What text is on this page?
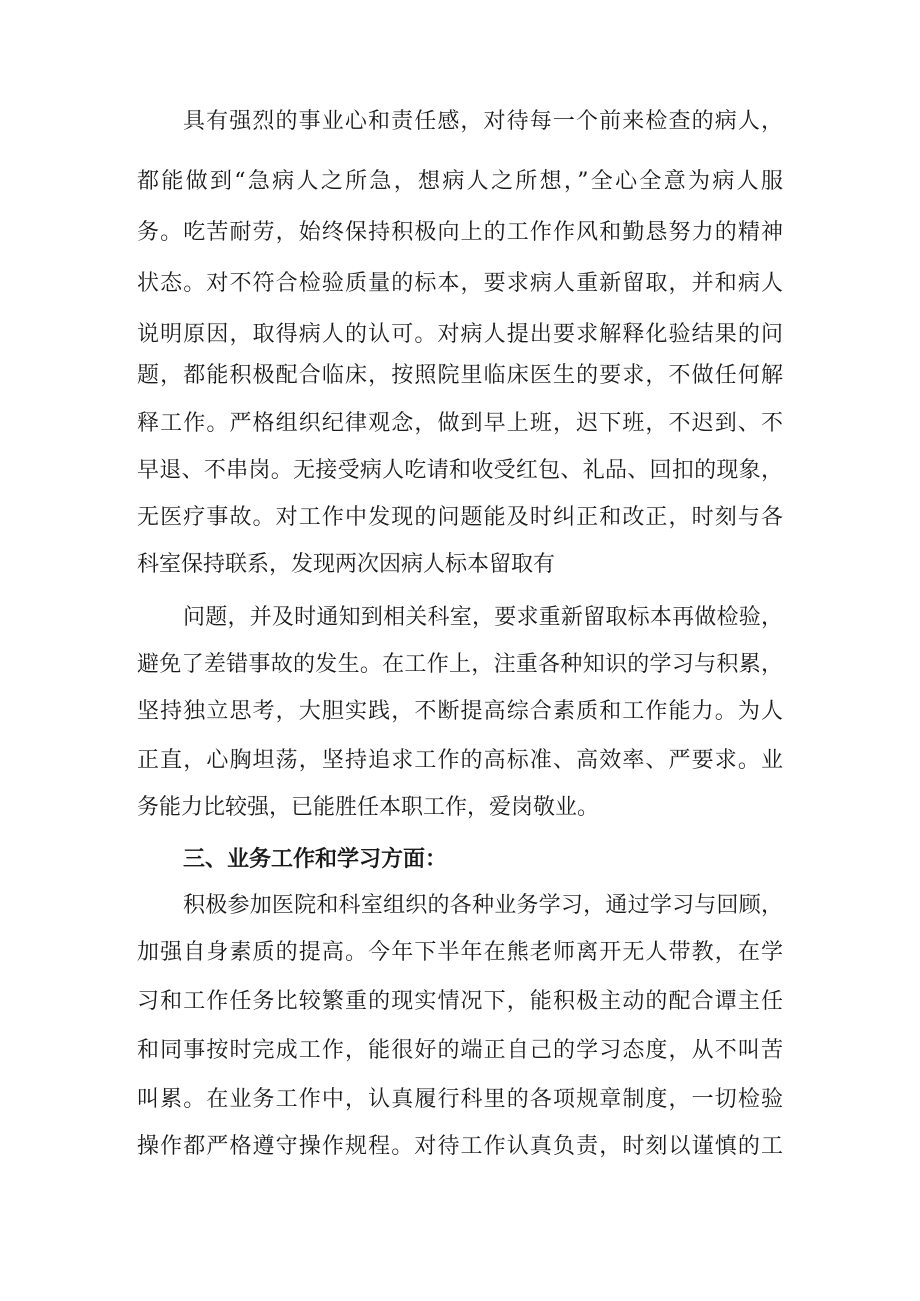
具有强烈的事业心和责任感，对待每一个前来检查的病人，
都能做到“急病人之所急，想病人之所想，”全心全意为病人服
务。吃苦耐劳，始终保持积极向上的工作作风和勤恳努力的精神
状态。对不符合检验质量的标本，要求病人重新留取，并和病人
说明原因，取得病人的认可。对病人提出要求解释化验结果的问
题，都能积极配合临床，按照院里临床医生的要求，不做任何解
释工作。严格组织纪律观念，做到早上班，迟下班，不迟到、不
早退、不串岗。无接受病人吃请和收受红包、礼品、回扣的现象，
无医疗事故。对工作中发现的问题能及时纠正和改正，时刻与各
科室保持联系，发现两次因病人标本留取有
问题，并及时通知到相关科室，要求重新留取标本再做检验，
避免了差错事故的发生。在工作上，注重各种知识的学习与积累，
坚持独立思考，大胆实践，不断提高综合素质和工作能力。为人
正直，心胸坦荡，坚持追求工作的高标准、高效率、严要求。业
务能力比较强，已能胜任本职工作，爱岗敬业。
三、业务工作和学习方面：
积极参加医院和科室组织的各种业务学习，通过学习与回顾，
加强自身素质的提高。今年下半年在熊老师离开无人带教，在学
习和工作任务比较繁重的现实情况下，能积极主动的配合谭主任
和同事按时完成工作，能很好的端正自己的学习态度，从不叫苦
叫累。在业务工作中，认真履行科里的各项规章制度，一切检验
操作都严格遵守操作规程。对待工作认真负责，时刻以谨慎的工
